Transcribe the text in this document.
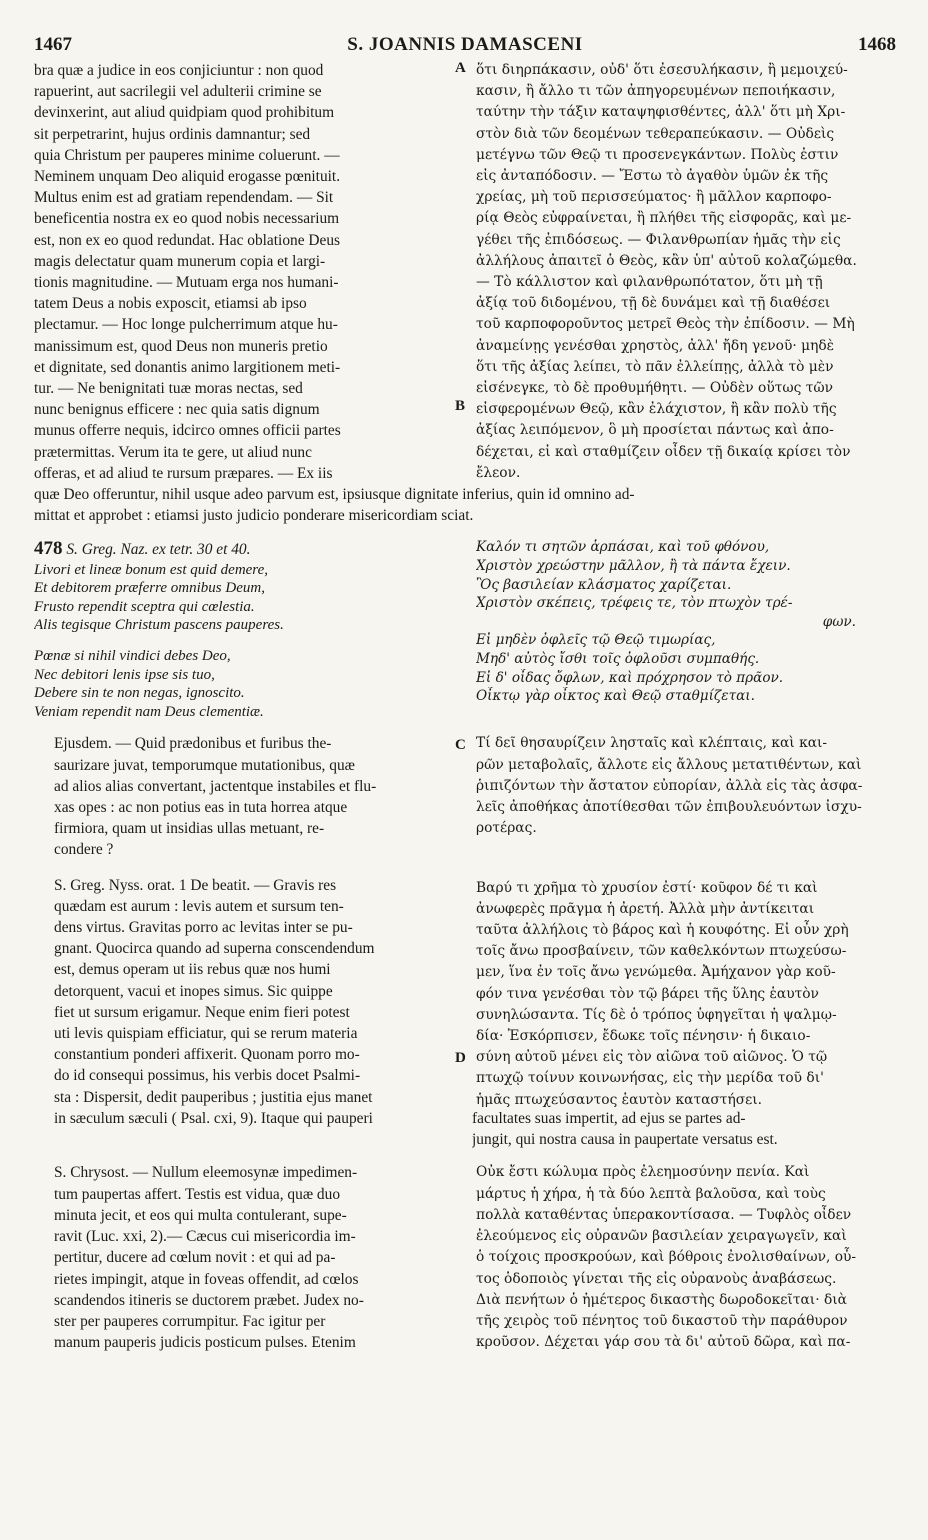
1467	S. JOANNIS DAMASCENI	1468
bra quæ a judice in eos conjiciuntur : non quod
rapuerint, aut sacrilegii vel adulterii crimine se
devinxerint, aut aliud quidpiam quod prohibitum
sit perpetrarint, hujus ordinis damnantur; sed
quia Christum per pauperes minime coluerunt. —
Neminem unquam Deo aliquid erogasse pœnituit.
Multus enim est ad gratiam rependendam. — Sit
beneficentia nostra ex eo quod nobis necessarium
est, non ex eo quod redundat. Hac oblatione Deus
magis delectatur quam munerum copia et largi-
tionis magnitudine. — Mutuam erga nos humani-
tatem Deus a nobis exposcit, etiamsi ab ipso
plectamur. — Hoc longe pulcherrimum atque hu-
manissimum est, quod Deus non muneris pretio
et dignitate, sed donantis animo largitionem meti-
tur. — Ne benignitati tuæ moras nectas, sed
nunc benignus efficere : nec quia satis dignum
munus offerre nequis, idcirco omnes officii partes
prætermittas. Verum ita te gere, ut aliud nunc
offeras, et ad aliud te rursum præpares. — Ex iis
ὅτι διηρπάκασιν, οὐδ' ὅτι ἐσεσυλήκασιν, ἢ μεμοιχεύ-
κασιν, ἢ ἄλλο τι τῶν ἀπηγορευμένων πεποιήκασιν,
ταύτην τὴν τάξιν καταψηφισθέντες, ἀλλ' ὅτι μὴ Χρι-
στὸν διὰ τῶν δεομένων τεθεραπεύκασιν. — Οὐδεὶς
μετέγνω τῶν Θεῷ τι προσενεγκάντων. Πολὺς ἐστιν
εἰς ἀνταπόδοσιν. — Ἔστω τὸ ἀγαθὸν ὑμῶν ἐκ τῆς
χρείας, μὴ τοῦ περισσεύματος· ἢ μᾶλλον καρποφο-
ρίᾳ Θεὸς εὐφραίνεται, ἢ πλήθει τῆς εἰσφορᾶς, καὶ με-
γέθει τῆς ἐπιδόσεως. — Φιλανθρωπίαν ἡμᾶς τὴν εἰς
ἀλλήλους ἀπαιτεῖ ὁ Θεὸς, κἂν ὑπ' αὐτοῦ κολαζώμεθα.
— Τὸ κάλλιστον καὶ φιλανθρωπότατον, ὅτι μὴ τῇ
ἀξίᾳ τοῦ διδομένου, τῇ δὲ δυνάμει καὶ τῇ διαθέσει
τοῦ καρποφοροῦντος μετρεῖ Θεὸς τὴν ἐπίδοσιν. — Μὴ
ἀναμείνῃς γενέσθαι χρηστὸς, ἀλλ' ἤδη γενοῦ· μηδὲ
ὅτι τῆς ἀξίας λείπει, τὸ πᾶν ἐλλείπῃς, ἀλλὰ τὸ μὲν
εἰσένεγκε, τὸ δὲ προθυμήθητι. — Οὐδὲν οὕτως τῶν
εἰσφερομένων Θεῷ, κἂν ἐλάχιστον, ἢ κἂν πολὺ τῆς
ἀξίας λειπόμενον, ὃ μὴ προσίεται πάντως καὶ ἀπο-
δέχεται, εἰ καὶ σταθμίζειν οἶδεν τῇ δικαίᾳ κρίσει τὸν
ἔλεον.
A
B
quæ Deo offeruntur, nihil usque adeo parvum est, ipsiusque dignitate inferius, quin id omnino ad-
mittat et approbet : etiamsi justo judicio ponderare misericordiam sciat.
478 S. Greg. Naz. ex tetr. 30 et 40.
Livori et lineæ bonum est quid demere,
Et debitorem præferre omnibus Deum,
Frusto rependit sceptra qui cœlestia.
Alis tegisque Christum pascens pauperes.
Pœnæ si nihil vindici debes Deo,
Nec debitori lenis ipse sis tuo,
Debere sin te non negas, ignoscito.
Veniam rependit nam Deus clementiæ.
Καλόν τι σητῶν ἁρπάσαι, καὶ τοῦ φθόνου,
Χριστὸν χρεώστην μᾶλλον, ἢ τὰ πάντα ἔχειν.
Ὃς βασιλείαν κλάσματος χαρίζεται.
Χριστὸν σκέπεις, τρέφεις τε, τὸν πτωχὸν τρέ-
φων.
Εἰ μηδὲν ὀφλεῖς τῷ Θεῷ τιμωρίας,
Μηδ' αὐτὸς ἴσθι τοῖς ὀφλοῦσι συμπαθής.
Εἰ δ' οἶδας ὄφλων, καὶ πρόχρησον τὸ πρᾶον.
Οἶκτῳ γὰρ οἶκτος καὶ Θεῷ σταθμίζεται.
Ejusdem. — Quid prædonibus et furibus the-
saurizare juvat, temporumque mutationibus, quæ
ad alios alias convertant, jactentque instabiles et flu-
xas opes : ac non potius eas in tuta horrea atque
firmiora, quam ut insidias ullas metuant, re-
condere ?
Τί δεῖ θησαυρίζειν λησταῖς καὶ κλέπταις, καὶ και-
ρῶν μεταβολαῖς, ἄλλοτε εἰς ἄλλους μετατιθέντων, καὶ
ῥιπιζόντων τὴν ἄστατον εὐπορίαν, ἀλλὰ εἰς τὰς ἀσφα-
λεῖς ἀποθήκας ἀποτίθεσθαι τῶν ἐπιβουλευόντων ἰσχυ-
ροτέρας.
C
S. Greg. Nyss. orat. 1 De beatit. — Gravis res
quædam est aurum : levis autem et sursum ten-
dens virtus. Gravitas porro ac levitas inter se pu-
gnant. Quocirca quando ad superna conscendendum
est, demus operam ut iis rebus quæ nos humi
detorquent, vacui et inopes simus. Sic quippe
fiet ut sursum erigamur. Neque enim fieri potest
uti levis quispiam efficiatur, qui se rerum materia
constantium ponderi affixerit. Quonam porro mo-
do id consequi possimus, his verbis docet Psalmi-
sta : Dispersit, dedit pauperibus ; justitia ejus manet
in sæculum sæculi ( Psal. cxi, 9). Itaque qui pauperi
Βαρύ τι χρῆμα τὸ χρυσίον ἐστί· κοῦφον δέ τι καὶ
ἀνωφερὲς πρᾶγμα ἡ ἀρετή. Ἀλλὰ μὴν ἀντίκειται
ταῦτα ἀλλήλοις τὸ βάρος καὶ ἡ κουφότης. Εἰ οὖν χρὴ
τοῖς ἄνω προσβαίνειν, τῶν καθελκόντων πτωχεύσω-
μεν, ἵνα ἐν τοῖς ἄνω γενώμεθα. Ἀμήχανον γὰρ κοῦ-
φόν τινα γενέσθαι τὸν τῷ βάρει τῆς ὕλης ἑαυτὸν
συνηλώσαντα. Τίς δὲ ὁ τρόπος ὑφηγεῖται ἡ ψαλμῳ-
δία· Ἐσκόρπισεν, ἔδωκε τοῖς πένησιν· ἡ δικαιο-
σύνη αὐτοῦ μένει εἰς τὸν αἰῶνα τοῦ αἰῶνος. Ὁ τῷ
πτωχῷ τοίνυν κοινωνήσας, εἰς τὴν μερίδα τοῦ δι'
ἡμᾶς πτωχεύσαντος ἑαυτὸν καταστήσει.
D
facultates suas impertit, ad ejus se partes ad-
jungit, qui nostra causa in paupertate versatus est.
S. Chrysost. — Nullum eleemosynæ impedimen-
tum paupertas affert. Testis est vidua, quæ duo
minuta jecit, et eos qui multa contulerant, supe-
ravit (Luc. xxi, 2).— Cæcus cui misericordia im-
pertitur, ducere ad cœlum novit : et qui ad pa-
rietes impingit, atque in foveas offendit, ad cœlos
scandendos itineris se ductorem præbet. Judex no-
ster per pauperes corrumpitur. Fac igitur per
manum pauperis judicis posticum pulses. Etenim
Οὐκ ἔστι κώλυμα πρὸς ἐλεημοσύνην πενία. Καὶ
μάρτυς ἡ χήρα, ἡ τὰ δύο λεπτὰ βαλοῦσα, καὶ τοὺς
πολλὰ καταθέντας ὑπερακοντίσασα. — Τυφλὸς οἶδεν
ἐλεούμενος εἰς οὐρανῶν βασιλείαν χειραγωγεῖν, καὶ
ὁ τοίχοις προσκρούων, καὶ βόθροις ἐνολισθαίνων, οὗ-
τος ὁδοποιὸς γίνεται τῆς εἰς οὐρανοὺς ἀναβάσεως.
Διὰ πενήτων ὁ ἡμέτερος δικαστὴς δωροδοκεῖται· διὰ
τῆς χειρὸς τοῦ πένητος τοῦ δικαστοῦ τὴν παράθυρον
κροῦσον. Δέχεται γάρ σου τὰ δι' αὐτοῦ δῶρα, καὶ πα-
